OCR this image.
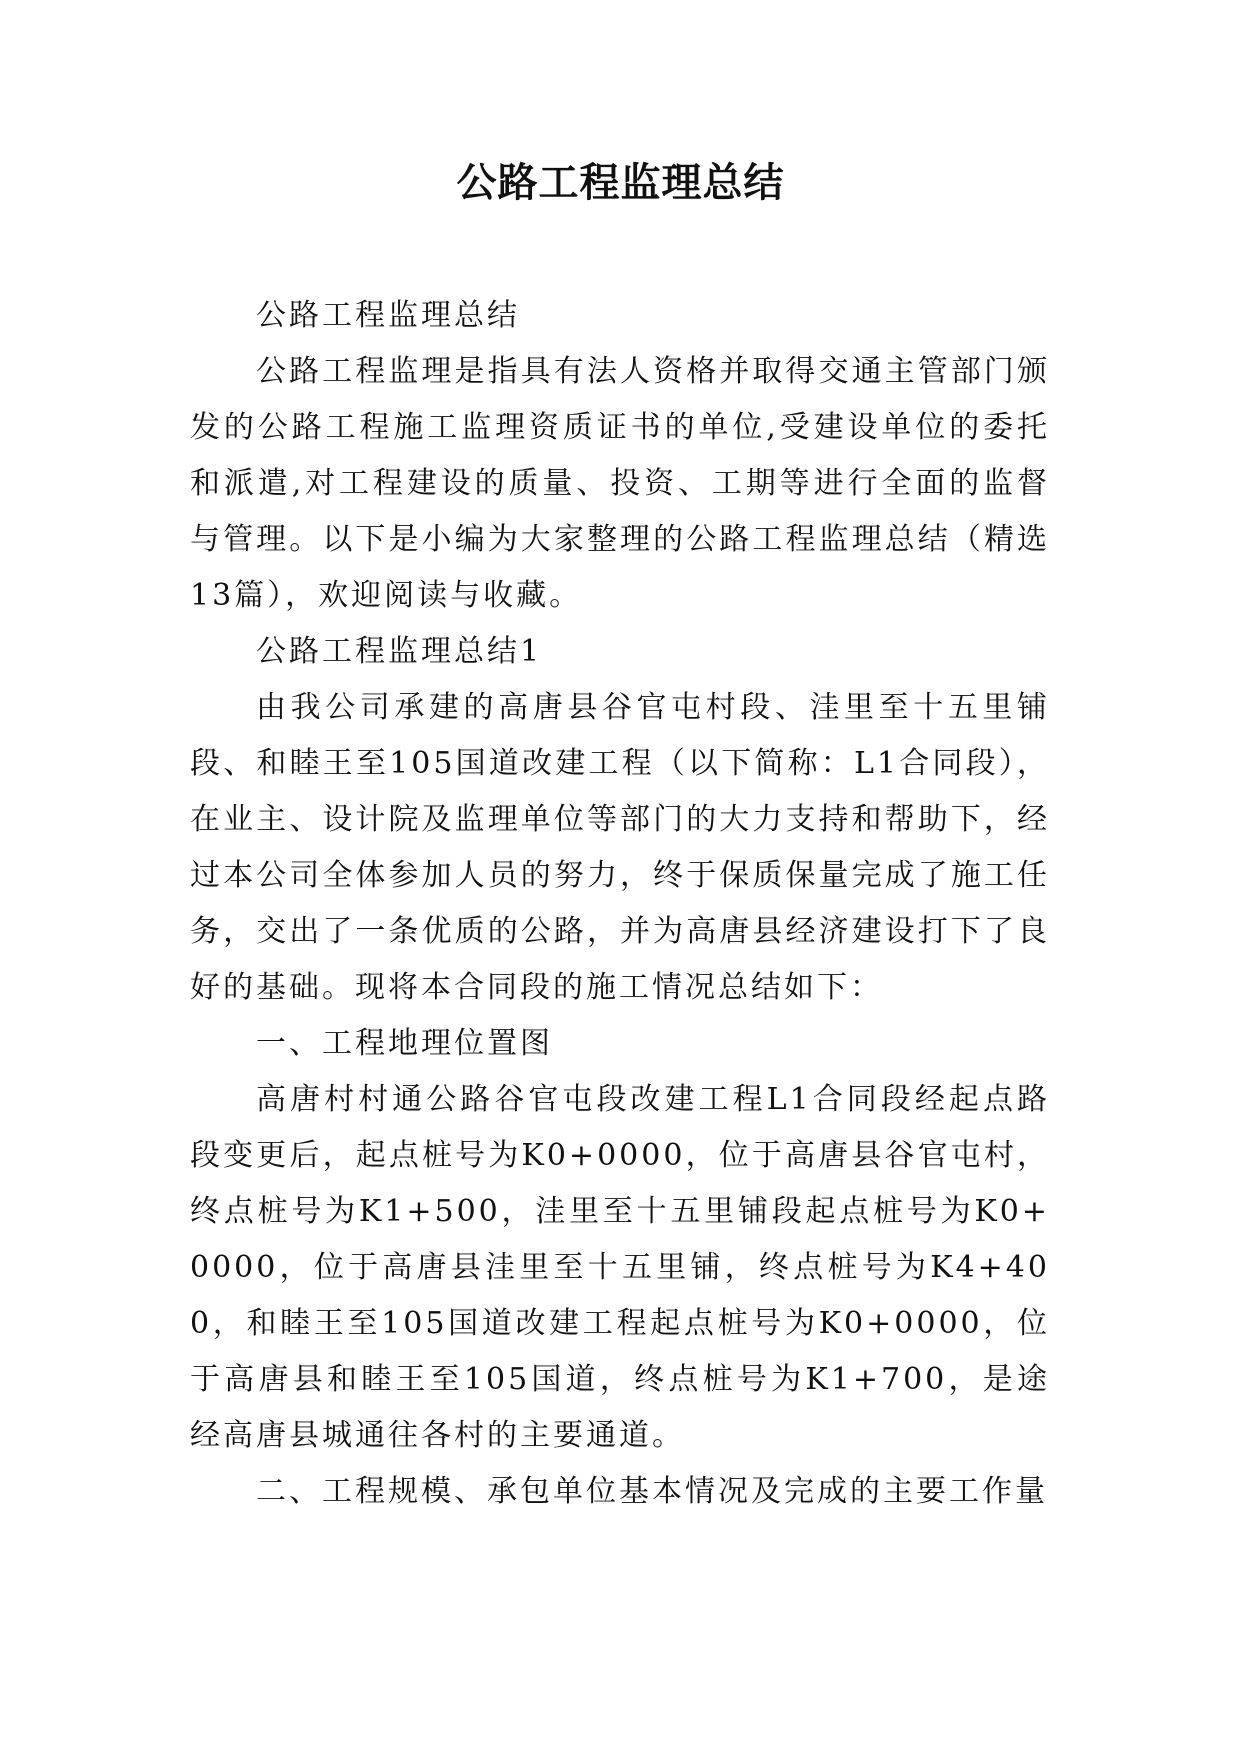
公路工程监理总结

公路工程监理总结

公路工程监理是指具有法人资格并取得交通主管部门颁发的公路工程施工监理资质证书的单位,受建设单位的委托和派遣,对工程建设的质量、投资、工期等进行全面的监督与管理。以下是小编为大家整理的公路工程监理总结（精选13篇），欢迎阅读与收藏。

公路工程监理总结1

由我公司承建的高唐县谷官屯村段、洼里至十五里铺段、和睦王至105国道改建工程（以下简称：L1合同段），在业主、设计院及监理单位等部门的大力支持和帮助下，经过本公司全体参加人员的努力，终于保质保量完成了施工任务，交出了一条优质的公路，并为高唐县经济建设打下了良好的基础。现将本合同段的施工情况总结如下：

一、工程地理位置图

高唐村村通公路谷官屯段改建工程L1合同段经起点路段变更后，起点桩号为K0+0000，位于高唐县谷官屯村，终点桩号为K1+500，洼里至十五里铺段起点桩号为K0+0000，位于高唐县洼里至十五里铺，终点桩号为K4+400，和睦王至105国道改建工程起点桩号为K0+0000，位于高唐县和睦王至105国道，终点桩号为K1+700，是途经高唐县城通往各村的主要通道。

二、工程规模、承包单位基本情况及完成的主要工作量
